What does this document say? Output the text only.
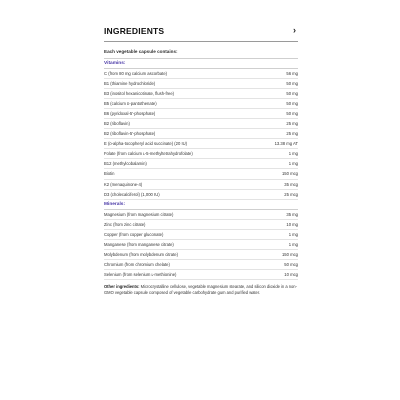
INGREDIENTS	›
Each vegetable capsule contains:
Vitamins:
C (from 80 mg calcium ascorbate)	56 mg
B1 (thiamine hydrochloride)	50 mg
B3 (inositol hexanicotinate, flush-free)	50 mg
B5 (calcium ᴅ-pantothenate)	50 mg
B6 (pyridoxal-5'-phosphate)	50 mg
B2 (riboflavin)	25 mg
B2 (riboflavin-5'-phosphate)	25 mg
E (ᴅ-alpha-tocopheryl acid succinate) (20 IU)	13.38 mg AT
Folate (from calcium ʟ-5-methyltetrahydrofolate)	1 mg
B12 (methylcobalamin)	1 mg
Biotin	150 mcg
K2 (menaquinone-4)	35 mcg
D3 (cholecalciferol) (1,000 IU)	25 mcg
Minerals:
Magnesium (from magnesium citrate)	35 mg
Zinc (from zinc citrate)	10 mg
Copper (from copper gluconate)	1 mg
Manganese (from manganese citrate)	1 mg
Molybdenum (from molybdenum citrate)	150 mcg
Chromium (from chromium chelate)	50 mcg
Selenium (from selenium ʟ-methionine)	10 mcg
Other ingredients: Microcrystalline cellulose, vegetable magnesium stearate, and silicon dioxide in a non-GMO vegetable capsule composed of vegetable carbohydrate gum and purified water.
